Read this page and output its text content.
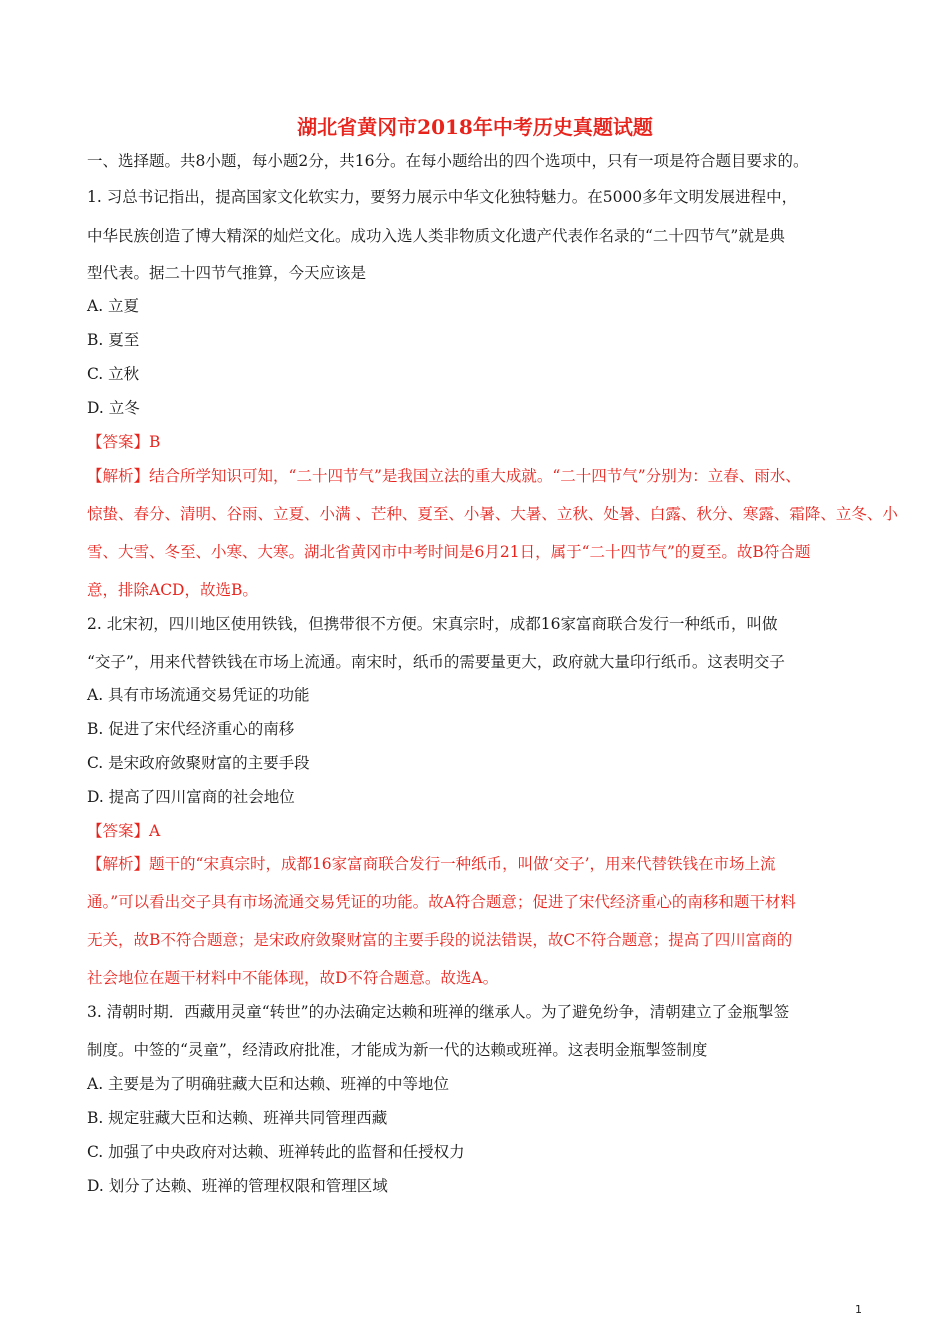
湖北省黄冈市2018年中考历史真题试题
一、选择题。共8小题，每小题2分，共16分。在每小题给出的四个选项中，只有一项是符合题目要求的。
1. 习总书记指出，提高国家文化软实力，要努力展示中华文化独特魅力。在5000多年文明发展进程中，
中华民族创造了博大精深的灿烂文化。成功入选人类非物质文化遗产代表作名录的“二十四节气”就是典
型代表。据二十四节气推算，今天应该是
A. 立夏
B. 夏至
C. 立秋
D. 立冬
【答案】B
【解析】结合所学知识可知，“二十四节气”是我国立法的重大成就。“二十四节气”分别为：立春、雨水、
惊蛰、春分、清明、谷雨、立夏、小满 、芒种、夏至、小暑、大暑、立秋、处暑、白露、秋分、寒露、霜降、立冬、小
雪、大雪、冬至、小寒、大寒。湖北省黄冈市中考时间是6月21日，属于“二十四节气”的夏至。故B符合题
意，排除ACD，故选B。
2. 北宋初，四川地区使用铁钱，但携带很不方便。宋真宗时，成都16家富商联合发行一种纸币，叫做
“交子”，用来代替铁钱在市场上流通。南宋时，纸币的需要量更大，政府就大量印行纸币。这表明交子
A. 具有市场流通交易凭证的功能
B. 促进了宋代经济重心的南移
C. 是宋政府敛聚财富的主要手段
D. 提高了四川富商的社会地位
【答案】A
【解析】题干的“宋真宗时，成都16家富商联合发行一种纸币，叫做‘交子’，用来代替铁钱在市场上流
通。”可以看出交子具有市场流通交易凭证的功能。故A符合题意；促进了宋代经济重心的南移和题干材料
无关，故B不符合题意；是宋政府敛聚财富的主要手段的说法错误，故C不符合题意；提高了四川富商的
社会地位在题干材料中不能体现，故D不符合题意。故选A。
3. 清朝时期．西藏用灵童“转世”的办法确定达赖和班禅的继承人。为了避免纷争，清朝建立了金瓶掣签
制度。中签的“灵童”，经清政府批准，才能成为新一代的达赖或班禅。这表明金瓶掣签制度
A. 主要是为了明确驻藏大臣和达赖、班禅的中等地位
B. 规定驻藏大臣和达赖、班禅共同管理西藏
C. 加强了中央政府对达赖、班禅转此的监督和任授权力
D. 划分了达赖、班禅的管理权限和管理区域
1
